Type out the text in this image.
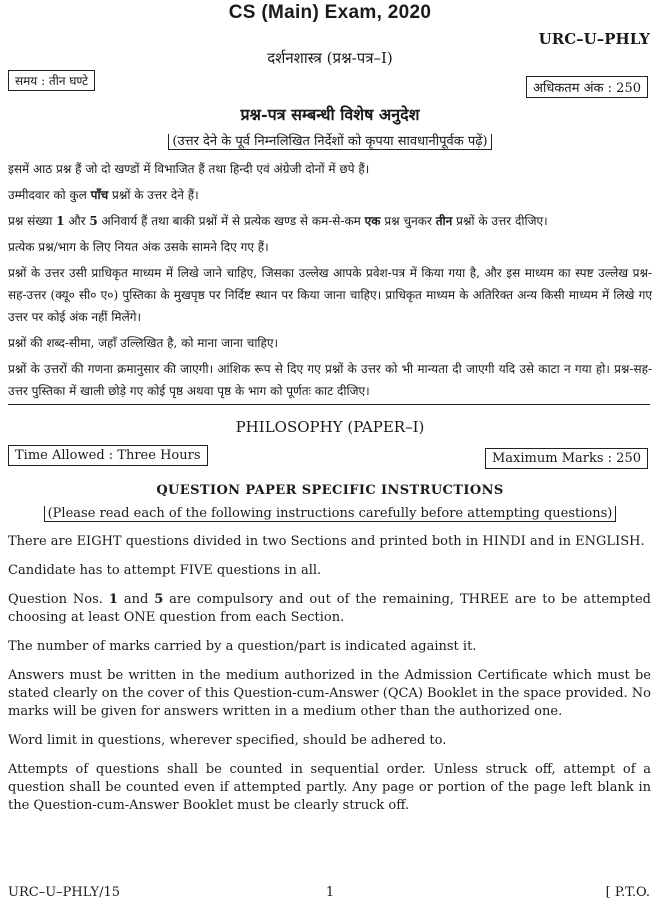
CS (Main) Exam, 2020
URC–U–PHLY
दर्शनशास्त्र (प्रश्न-पत्र–I)
समय : तीन घण्टे	अधिकतम अंक : 250
प्रश्न-पत्र सम्बन्धी विशेष अनुदेश
(उत्तर देने के पूर्व निम्नलिखित निर्देशों को कृपया सावधानीपूर्वक पढ़ें)

इसमें आठ प्रश्न हैं जो दो खण्डों में विभाजित हैं तथा हिन्दी एवं अंग्रेजी दोनों में छपे हैं।

उम्मीदवार को कुल पाँच प्रश्नों के उत्तर देने हैं।

प्रश्न संख्या 1 और 5 अनिवार्य हैं तथा बाकी प्रश्नों में से प्रत्येक खण्ड से कम-से-कम एक प्रश्न चुनकर तीन प्रश्नों के उत्तर दीजिए।

प्रत्येक प्रश्न/भाग के लिए नियत अंक उसके सामने दिए गए हैं।

प्रश्नों के उत्तर उसी प्राधिकृत माध्यम में लिखे जाने चाहिए, जिसका उल्लेख आपके प्रवेश-पत्र में किया गया है, और इस माध्यम का स्पष्ट उल्लेख प्रश्न-सह-उत्तर (क्यू० सी० ए०) पुस्तिका के मुखपृष्ठ पर निर्दिष्ट स्थान पर किया जाना चाहिए। प्राधिकृत माध्यम के अतिरिक्त अन्य किसी माध्यम में लिखे गए उत्तर पर कोई अंक नहीं मिलेंगे।

प्रश्नों की शब्द-सीमा, जहाँ उल्लिखित है, को माना जाना चाहिए।

प्रश्नों के उत्तरों की गणना क्रमानुसार की जाएगी। आंशिक रूप से दिए गए प्रश्नों के उत्तर को भी मान्यता दी जाएगी यदि उसे काटा न गया हो। प्रश्न-सह-उत्तर पुस्तिका में खाली छोड़े गए कोई पृष्ठ अथवा पृष्ठ के भाग को पूर्णतः काट दीजिए।

PHILOSOPHY (PAPER–I)
Time Allowed : Three Hours	Maximum Marks : 250
QUESTION PAPER SPECIFIC INSTRUCTIONS
(Please read each of the following instructions carefully before attempting questions)

There are EIGHT questions divided in two Sections and printed both in HINDI and in ENGLISH.

Candidate has to attempt FIVE questions in all.

Question Nos. 1 and 5 are compulsory and out of the remaining, THREE are to be attempted choosing at least ONE question from each Section.

The number of marks carried by a question/part is indicated against it.

Answers must be written in the medium authorized in the Admission Certificate which must be stated clearly on the cover of this Question-cum-Answer (QCA) Booklet in the space provided. No marks will be given for answers written in a medium other than the authorized one.

Word limit in questions, wherever specified, should be adhered to.

Attempts of questions shall be counted in sequential order. Unless struck off, attempt of a question shall be counted even if attempted partly. Any page or portion of the page left blank in the Question-cum-Answer Booklet must be clearly struck off.

URC–U–PHLY/15	1	[ P.T.O.
